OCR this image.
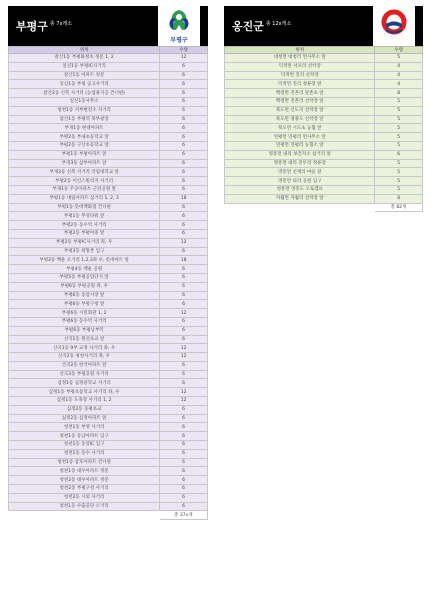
부평구 $^{총 7x캐소}$
부평구
위치	수량
갈산1동 부평화정초 정문 1, 2	12
일신1동 부평IC사거리	6
갈산1동 아파트 정문	6
일신1동 부평 공고사거리	6
갈산2동 신복 사거리 (농업용지공 건너편)	6
일신1동사무소	6
청천1동 서부변전소 사거리	6
삼산1동 부평역 북부광장	6
부개1동 현대아파트	6
부평2동 부내초등학교 앞	6
부평2동 구산초등학교 앞	6
부평1동 부평아파트 앞	6
부개3동 삼부아파트 앞	6
부개3동 신복 사거리 국립대학교 앞	6
부평2동 이인스빌리지 사거리	6
부개1동 주공아파트 근린공원 앞	6
부평1동 대림아파트 삼거리 1, 2, 3	18
부평1동 롯데백화점 건너편	6
부평1동 무성타워 앞	6
부평2동 동수역 사거리	6
부평2동 부평여중 앞	6
부평2동 부평IC사거리 좌, 우	12
부평3동 희망촌 입구	6
부평3동 백운 오거리 1,2,3좌 우, 롯데마트 앞	18
부평4동 백운 공원	6
부평5동 부평공업단지 앞	6
부평6동 부평공원 좌, 우	6
부평6동 동암시장 앞	6
부평6동 부평구청 앞	6
부평6동 시민회관 1, 2	12
부평6동 동수역 사거리	6
부평6동 부평남부역	6
산곡1동 원신초교 앞	6
산곡1동 9부 교정 사거리 좌, 우	12
산곡2동 청천사거리 좌, 우	12
산곡2동 한국아파트 앞	6
산곡3동 부평공원 사거리	6
십정1동 십정중학교 사거리	6
십정1동 부평초등학교 사거리 좌, 우	12
십정1동 도축장 사거리 1, 2	12
십정2동 동평초교	6
십정2동 십정아파트 앞	6
청천1동 부영 사거리	6
청천1동 동남아파트 입구	6
청천1동 동암IC 입구	6
청천1동 동수 사거리	6
청천1동 삼호아파트 건너편	6
청천1동 대우아파트 정문	6
청천2동 대우아파트 정문	6
청천2동 부평구청 사거리	6
청천2동 시외 사거리	6
청천1동 수출공단 오거리	6
	총 37x개
옹진군 $^{총 12x캐소}$
위치	수량
대청면 대청리 면사무소 앞	5
덕적면 서포리 선착장	4
덕적면 진리 선착장	4
덕적면 진리 정류장 앞	4
백령면 진촌리 달촌초 앞	8
백령면 진촌리 선착장 앞	5
북도면 신도리 선착장 앞	5
북도면 영종도 선착장 앞	5
북도면 시도초 농협 앞	5
연평면 연평리 면사무소 앞	5
연평면 연평리 농협소 앞	5
영흥면 내리 보건지소 삼거리 앞	6
영흥면 내리 진두리 정류장	5
영흥면 선재리 마을 앞	5
영흥면 외리 공원 입구	5
영흥면 영흥도 오토캠프	5
자월면 자월리 선착장 앞	8
	총 82개
